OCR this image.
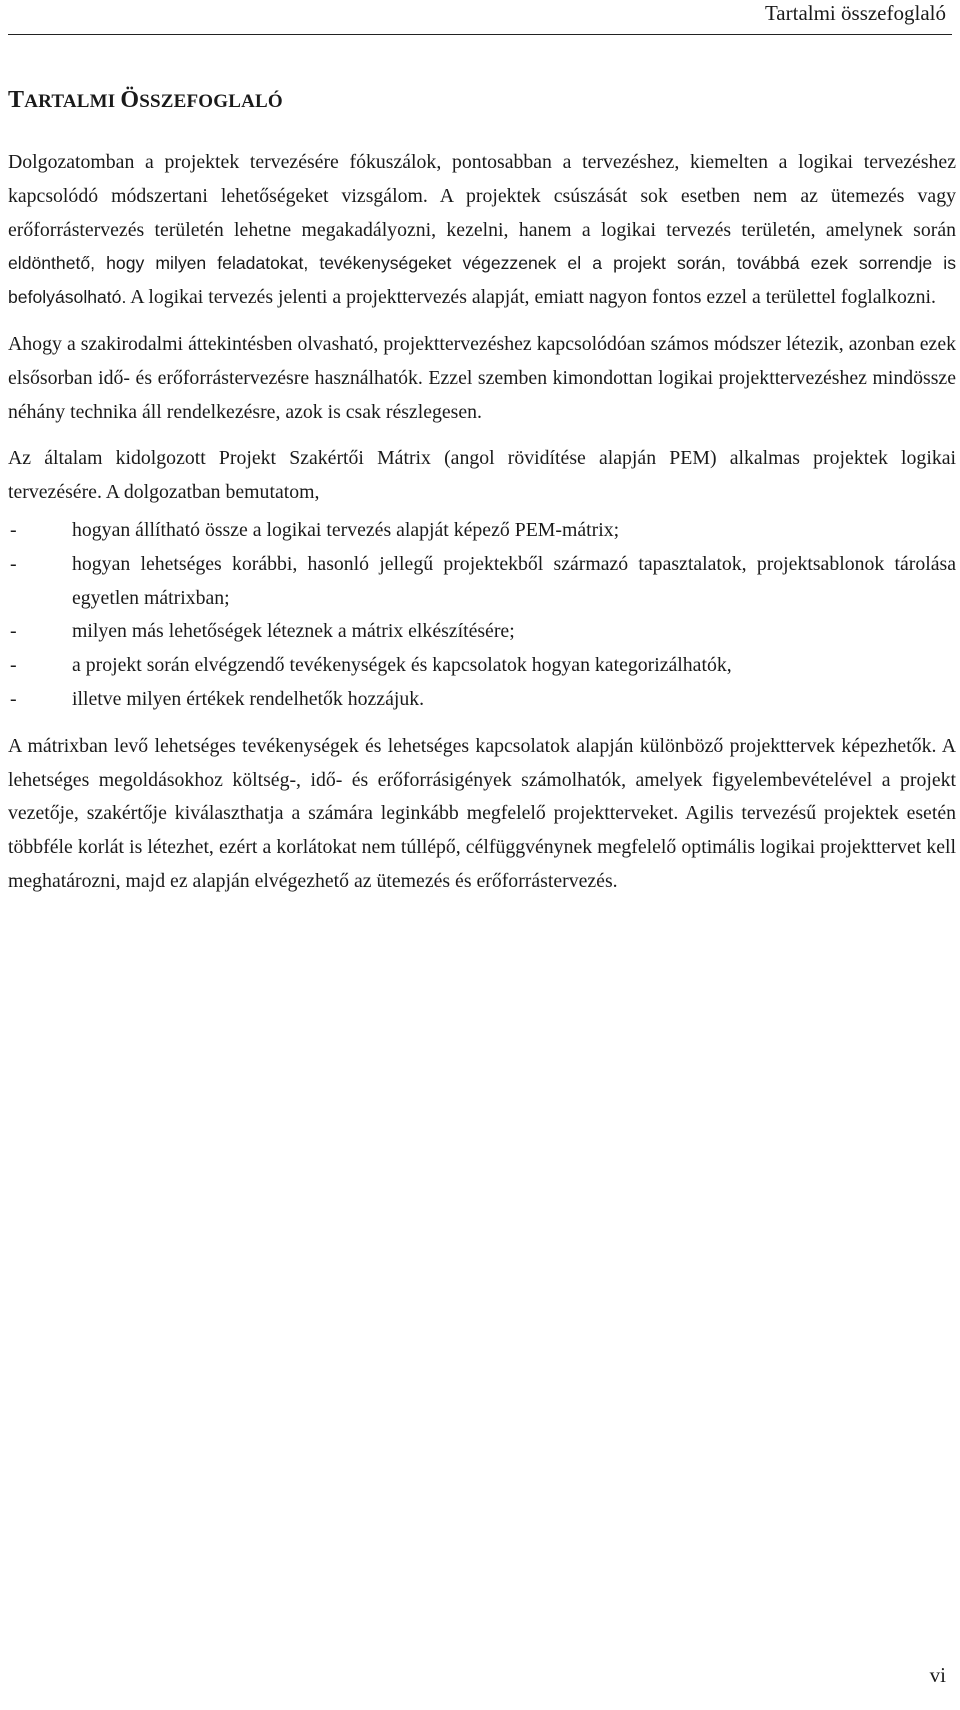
Tartalmi összefoglaló
TARTALMI ÖSSZEFOGLALÓ

Dolgozatomban a projektek tervezésére fókuszálok, pontosabban a tervezéshez, kiemelten a logikai tervezéshez kapcsolódó módszertani lehetőségeket vizsgálom. A projektek csúszását sok esetben nem az ütemezés vagy erőforrástervezés területén lehetne megakadályozni, kezelni, hanem a logikai tervezés területén, amelynek során eldönthető, hogy milyen feladatokat, tevékenységeket végezzenek el a projekt során, továbbá ezek sorrendje is befolyásolható. A logikai tervezés jelenti a projekttervezés alapját, emiatt nagyon fontos ezzel a területtel foglalkozni.

Ahogy a szakirodalmi áttekintésben olvasható, projekttervezéshez kapcsolódóan számos módszer létezik, azonban ezek elsősorban idő- és erőforrástervezésre használhatók. Ezzel szemben kimondottan logikai projekttervezéshez mindössze néhány technika áll rendelkezésre, azok is csak részlegesen.

Az általam kidolgozott Projekt Szakértői Mátrix (angol rövidítése alapján PEM) alkalmas projektek logikai tervezésére. A dolgozatban bemutatom,

-	hogyan állítható össze a logikai tervezés alapját képező PEM-mátrix;
-	hogyan lehetséges korábbi, hasonló jellegű projektekből származó tapasztalatok, projektsablonok tárolása egyetlen mátrixban;
-	milyen más lehetőségek léteznek a mátrix elkészítésére;
-	a projekt során elvégzendő tevékenységek és kapcsolatok hogyan kategorizálhatók,
-	illetve milyen értékek rendelhetők hozzájuk.

A mátrixban levő lehetséges tevékenységek és lehetséges kapcsolatok alapján különböző projekttervek képezhetők. A lehetséges megoldásokhoz költség-, idő- és erőforrásigények számolhatók, amelyek figyelembevételével a projekt vezetője, szakértője kiválaszthatja a számára leginkább megfelelő projektterveket. Agilis tervezésű projektek esetén többféle korlát is létezhet, ezért a korlátokat nem túllépő, célfüggvénynek megfelelő optimális logikai projekttervet kell meghatározni, majd ez alapján elvégezhető az ütemezés és erőforrástervezés.

vi
